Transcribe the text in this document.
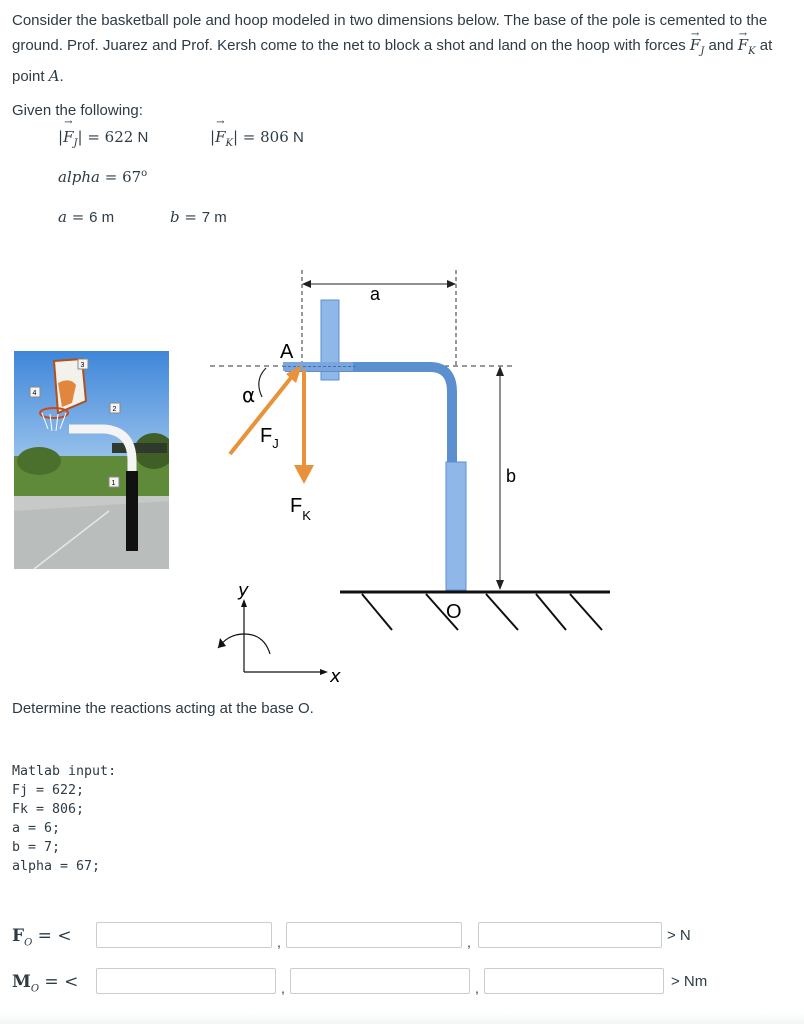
Consider the basketball pole and hoop modeled in two dimensions below. The base of the pole is cemented to the ground. Prof. Juarez and Prof. Kersh come to the net to block a shot and land on the hoop with forces → $F_J$ and → $F_K$ at point A.
Given the following:
|→ $F_J| = 622$ N	|→ $F_K| = 806$ N
alpha = $67^o$
a = 6 m	b = 7 m
3
4
2
1
a
A
α
$F_J$
$F_K$
b
O
y
x
Determine the reactions acting at the base O.
Matlab input:
Fj = 622;
Fk = 806;
a = 6;
b = 7;
alpha = 67;
$F_O$ = <	,	,	> N
$M_O$ = <	,	,	> Nm
